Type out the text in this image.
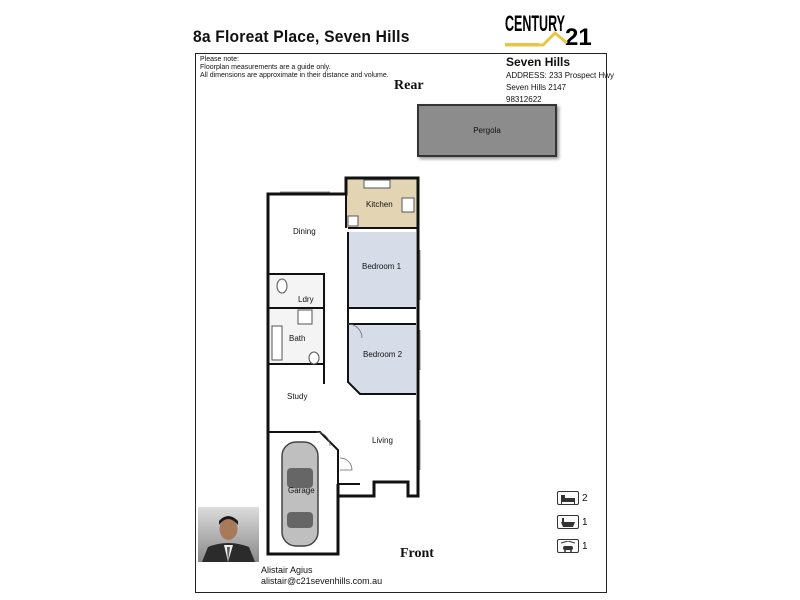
8a Floreat Place, Seven Hills
CENTURY
21
Please note:
Floorplan measurements are a guide only.
All dimensions are approximate in their distance and volume.
Seven Hills
ADDRESS: 233 Prospect Hwy
Seven Hills 2147
98312622
Rear
Pergola
Kitchen
Dining
Bedroom 1
Ldry
Bath
Bedroom 2
Study
Living
Garage
Front
Alistair Agius
alistair@c21sevenhills.com.au
2
1
1
